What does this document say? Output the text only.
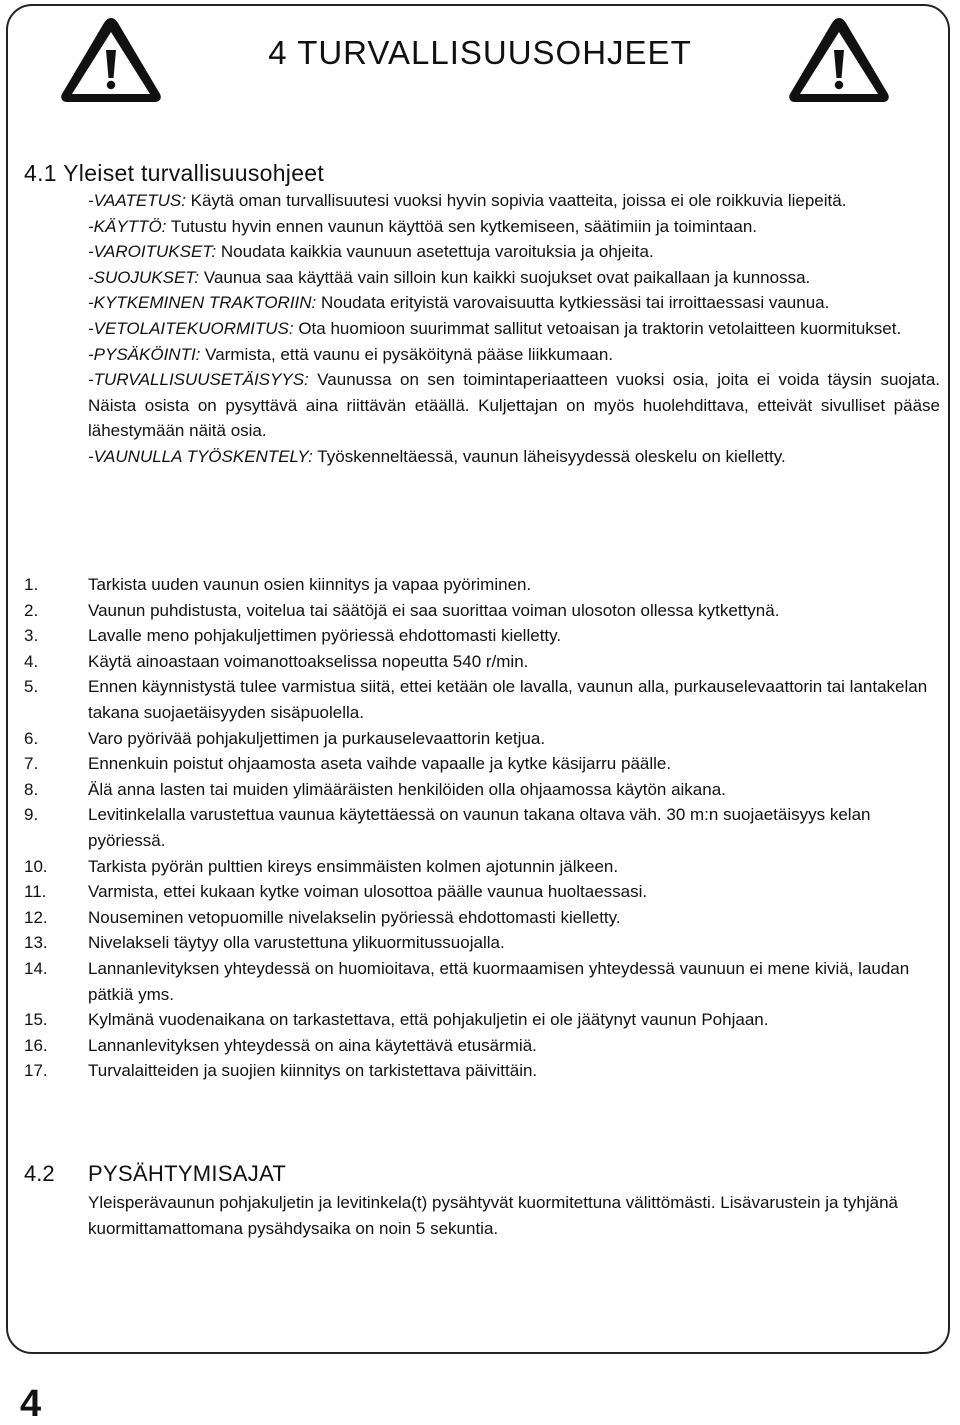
4 TURVALLISUUSOHJEET
4.1 Yleiset turvallisuusohjeet

-VAATETUS: Käytä oman turvallisuutesi vuoksi hyvin sopivia vaatteita, joissa ei ole roikkuvia liepeitä.

-KÄYTTÖ: Tutustu hyvin ennen vaunun käyttöä sen kytkemiseen, säätimiin ja toimintaan.

-VAROITUKSET: Noudata kaikkia vaunuun asetettuja varoituksia ja ohjeita.

-SUOJUKSET: Vaunua saa käyttää vain silloin kun kaikki suojukset ovat paikallaan ja kunnossa.

-KYTKEMINEN TRAKTORIIN: Noudata erityistä varovaisuutta kytkiessäsi tai irroittaessasi vaunua.

-VETOLAITEKUORMITUS: Ota huomioon suurimmat sallitut vetoaisan ja traktorin vetolaitteen kuormitukset.

-PYSÄKÖINTI: Varmista, että vaunu ei pysäköitynä pääse liikkumaan.

-TURVALLISUUSETÄISYYS: Vaunussa on sen toimintaperiaatteen vuoksi osia, joita ei voida täysin suojata. Näista osista on pysyttävä aina riittävän etäällä. Kuljettajan on myös huolehdittava, etteivät sivulliset pääse lähestymään näitä osia.

-VAUNULLA TYÖSKENTELY: Työskenneltäessä, vaunun läheisyydessä oleskelu on kielletty.

1.	Tarkista uuden vaunun osien kiinnitys ja vapaa pyöriminen.
2.	Vaunun puhdistusta, voitelua tai säätöjä ei saa suorittaa voiman ulosoton ollessa kytkettynä.
3.	Lavalle meno pohjakuljettimen pyöriessä ehdottomasti kielletty.
4.	Käytä ainoastaan voimanottoakselissa nopeutta 540 r/min.
5.	Ennen käynnistystä tulee varmistua siitä, ettei ketään ole lavalla, vaunun alla, purkauselevaattorin tai lantakelan takana suojaetäisyyden sisäpuolella.
6.	Varo pyörivää pohjakuljettimen ja purkauselevaattorin ketjua.
7.	Ennenkuin poistut ohjaamosta aseta vaihde vapaalle ja kytke käsijarru päälle.
8.	Älä anna lasten tai muiden ylimääräisten henkilöiden olla ohjaamossa käytön aikana.
9.	Levitinkelalla varustettua vaunua käytettäessä on vaunun takana oltava väh. 30 m:n suojaetäisyys kelan pyöriessä.
10. Tarkista pyörän pulttien kireys ensimmäisten kolmen ajotunnin jälkeen.
11. Varmista, ettei kukaan kytke voiman ulosottoa päälle vaunua huoltaessasi.
12. Nouseminen vetopuomille nivelakselin pyöriessä ehdottomasti kielletty.
13. Nivelakseli täytyy olla varustettuna ylikuormitussuojalla.
14. Lannanlevityksen yhteydessä on huomioitava, että kuormaamisen yhteydessä vaunuun ei mene kiviä, laudan pätkiä yms.
15. Kylmänä vuodenaikana on tarkastettava, että pohjakuljetin ei ole jäätynyt vaunun Pohjaan.
16. Lannanlevityksen yhteydessä on aina käytettävä etusärmiä.
17. Turvalaitteiden ja suojien kiinnitys on tarkistettava päivittäin.
4.2 PYSÄHTYMISAJAT
Yleisperävaunun pohjakuljetin ja levitinkela(t) pysähtyvät kuormitettuna välittömästi. Lisävarustein ja tyhjänä kuormittamattomana pysähdysaika on noin 5 sekuntia.
4
